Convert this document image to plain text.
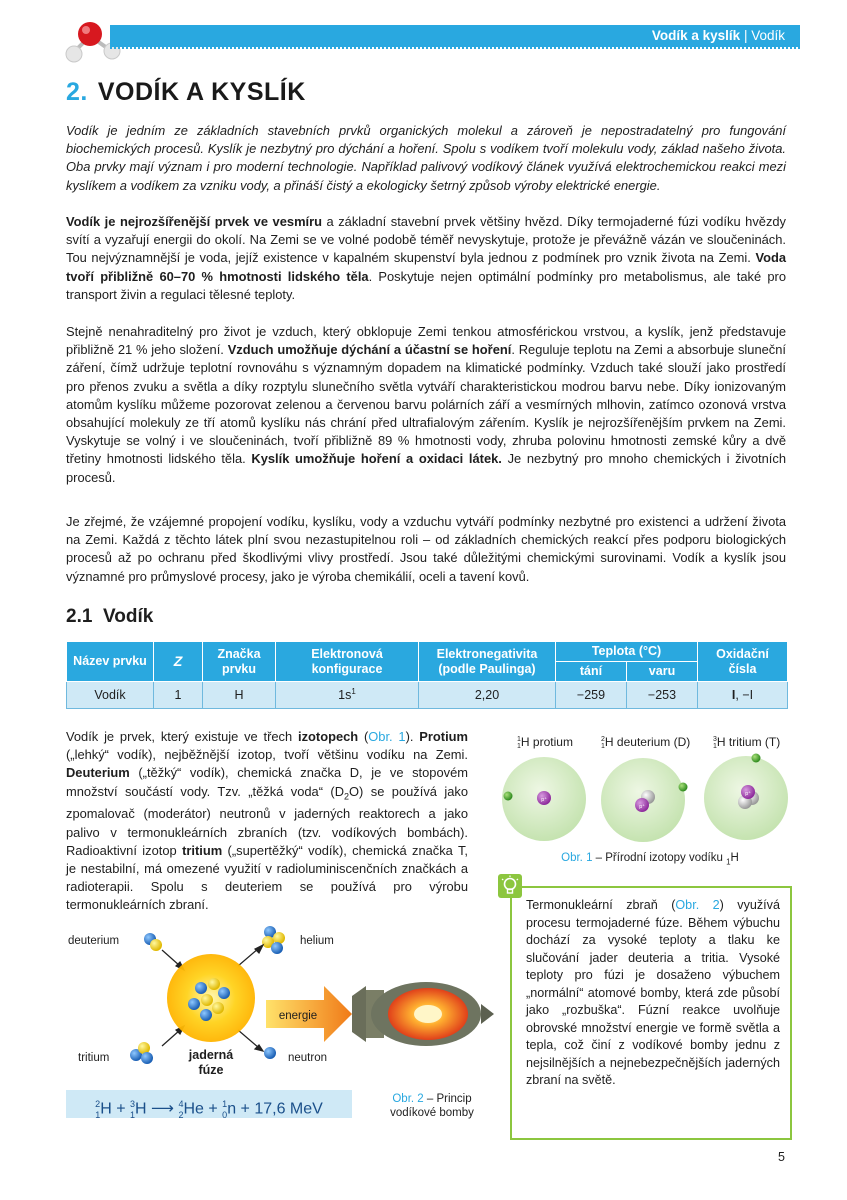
Vodík a kyslík | Vodík
2. VODÍK A KYSLÍK
Vodík je jedním ze základních stavebních prvků organických molekul a zároveň je nepostradatelný pro fungování biochemických procesů. Kyslík je nezbytný pro dýchání a hoření. Spolu s vodíkem tvoří molekulu vody, základ našeho života. Oba prvky mají význam i pro moderní technologie. Například palivový vodíkový článek využívá elektrochemickou reakci mezi kyslíkem a vodíkem za vzniku vody, a přináší čistý a ekologicky šetrný způsob výroby elektrické energie.
Vodík je nejrozšířenější prvek ve vesmíru a základní stavební prvek většiny hvězd. Díky termojaderné fúzi vodíku hvězdy svítí a vyzařují energii do okolí. Na Zemi se ve volné podobě téměř nevyskytuje, protože je převážně vázán ve sloučeninách. Tou nejvýznamnější je voda, jejíž existence v kapalném skupenství byla jednou z podmínek pro vznik života na Zemi. Voda tvoří přibližně 60–70 % hmotnosti lidského těla. Poskytuje nejen optimální podmínky pro metabolismus, ale také pro transport živin a regulaci tělesné teploty.
Stejně nenahraditelný pro život je vzduch, který obklopuje Zemi tenkou atmosférickou vrstvou, a kyslík, jenž představuje přibližně 21 % jeho složení. Vzduch umožňuje dýchání a účastní se hoření. Reguluje teplotu na Zemi a absorbuje sluneční záření, čímž udržuje teplotní rovnováhu s významným dopadem na klimatické podmínky. Vzduch také slouží jako prostředí pro přenos zvuku a světla a díky rozptylu slunečního světla vytváří charakteristickou modrou barvu nebe. Díky ionizovaným atomům kyslíku můžeme pozorovat zelenou a červenou barvu polárních září a vesmírných mlhovin, zatímco ozonová vrstva obsahující molekuly ze tří atomů kyslíku nás chrání před ultrafialovým zářením. Kyslík je nejrozšířenějším prvkem na Zemi. Vyskytuje se volný i ve sloučeninách, tvoří přibližně 89 % hmotnosti vody, zhruba polovinu hmotnosti zemské kůry a dvě třetiny hmotnosti lidského těla. Kyslík umožňuje hoření a oxidaci látek. Je nezbytný pro mnoho chemických i životních procesů.
Je zřejmé, že vzájemné propojení vodíku, kyslíku, vody a vzduchu vytváří podmínky nezbytné pro existenci a udržení života na Zemi. Každá z těchto látek plní svou nezastupitelnou roli – od základních chemických reakcí přes podporu biologických procesů až po ochranu před škodlivými vlivy prostředí. Jsou také důležitými chemickými surovinami. Vodík a kyslík jsou významné pro průmyslové procesy, jako je výroba chemikálií, oceli a tavení kovů.
2.1 Vodík
Název prvku	Z	Značka prvku	Elektronová konfigurace	Elektronegativita (podle Paulinga)	Teplota (°C)		Oxidační čísla
					tání	varu	
Vodík	1	H	$1s^1$	2,20	−259	−253	I, −I
Vodík je prvek, který existuje ve třech izotopech (Obr. 1). Protium („lehký“ vodík), nejběžnější izotop, tvoří většinu vodíku na Zemi. Deuterium („těžký“ vodík), chemická značka D, je ve stopovém množství součástí vody. Tzv. „těžká voda“ $(D_2O)$ se používá jako zpomalovač (moderátor) neutronů v jaderných reaktorech a jako palivo v termonukleárních zbraních (tzv. vodíkových bombách). Radioaktivní izotop tritium („supertěžký“ vodík), chemická značka T, je nestabilní, má omezené využití v radioluminiscenčních značkách a radioterapii. Spolu s deuteriem se používá pro výrobu termonukleárních zbraní.
1
1H protium	2
1H deuterium (D)	3
1H tritium (T)
p⁺
p⁺
p⁺
Obr. 1 – Přírodní izotopy vodíku $_1$H
Termonukleární zbraň (Obr. 2) využívá procesu termojaderné fúze. Během výbuchu dochází za vysoké teploty a tlaku ke slučování jader deuteria a tritia. Vysoké teploty pro fúzi je dosaženo výbuchem „normální“ atomové bomby, která zde působí jako „rozbuška“. Fúzní reakce uvolňuje obrovské množství energie ve formě světla a tepla, což činí z vodíkové bomby jednu z nejsilnějších a nejnebezpečnějších jaderných zbraní na světě.
deuterium	helium
tritium	neutron
jaderná
fúze
energie
Obr. 2 – Princip
vodíkové bomby
$^2_1$H + $^3_1$H ⟶ $^4_2$He + $^1_0$n + 17,6 MeV
5
